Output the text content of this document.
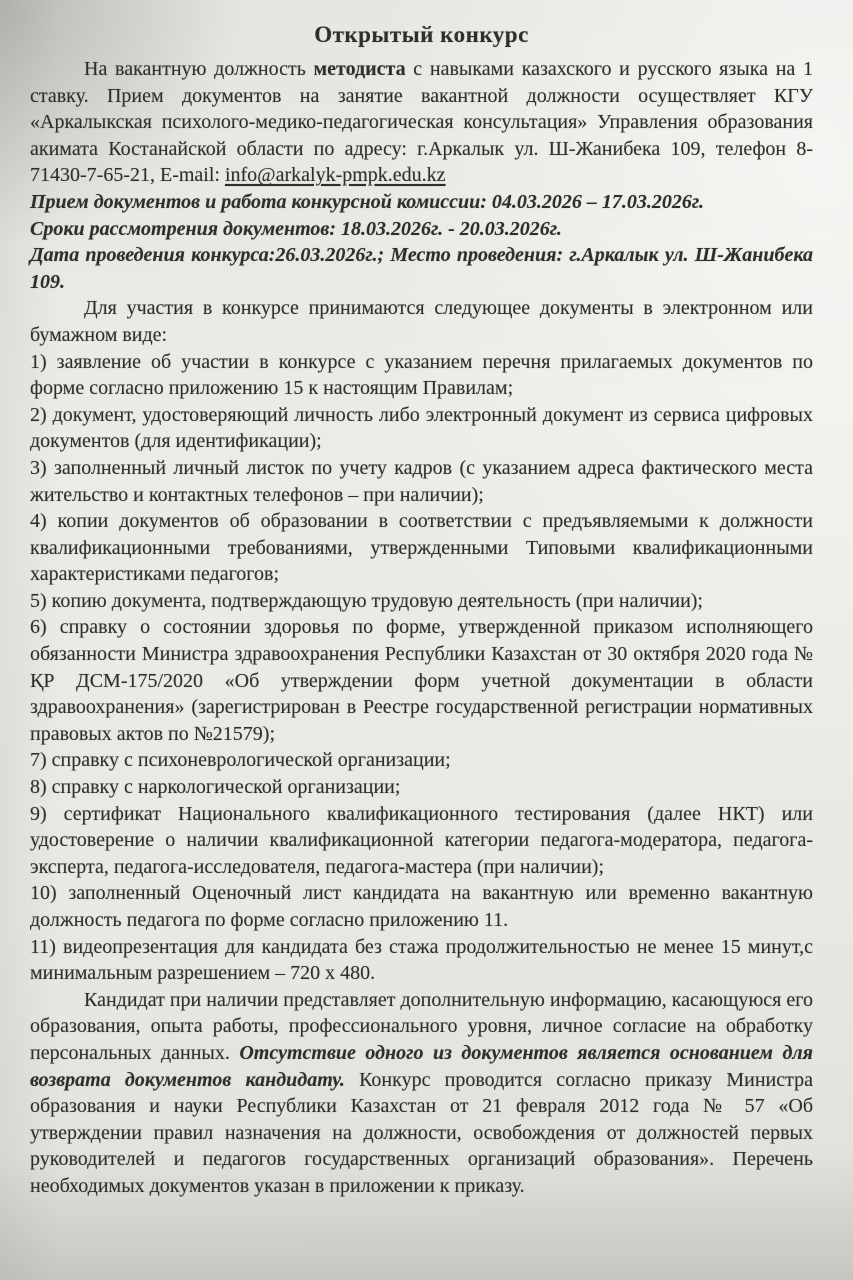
Открытый конкурс

На вакантную должность методиста с навыками казахского и русского языка на 1 ставку. Прием документов на занятие вакантной должности осуществляет КГУ «Аркалыкская психолого-медико-педагогическая консультация» Управления образования акимата Костанайской области по адресу: г.Аркалык ул. Ш-Жанибека 109, телефон 8-71430-7-65-21, E-mail: info@arkalyk-pmpk.edu.kz

Прием документов и работа конкурсной комиссии: 04.03.2026 – 17.03.2026г.

Сроки рассмотрения документов: 18.03.2026г. - 20.03.2026г.

Дата проведения конкурса:26.03.2026г.; Место проведения: г.Аркалык ул. Ш-Жанибека 109.

Для участия в конкурсе принимаются следующее документы в электронном или бумажном виде:

1) заявление об участии в конкурсе с указанием перечня прилагаемых документов по форме согласно приложению 15 к настоящим Правилам;

2) документ, удостоверяющий личность либо электронный документ из сервиса цифровых документов (для идентификации);

3) заполненный личный листок по учету кадров (с указанием адреса фактического места жительство и контактных телефонов – при наличии);

4) копии документов об образовании в соответствии с предъявляемыми к должности квалификационными требованиями, утвержденными Типовыми квалификационными характеристиками педагогов;

5) копию документа, подтверждающую трудовую деятельность (при наличии);

6) справку о состоянии здоровья по форме, утвержденной приказом исполняющего обязанности Министра здравоохранения Республики Казахстан от 30 октября 2020 года № ҚР ДСМ-175/2020 «Об утверждении форм учетной документации в области здравоохранения» (зарегистрирован в Реестре государственной регистрации нормативных правовых актов по №21579);

7) справку с психоневрологической организации;

8) справку с наркологической организации;

9) сертификат Национального квалификационного тестирования (далее НКТ) или удостоверение о наличии квалификационной категории педагога-модератора, педагога-эксперта, педагога-исследователя, педагога-мастера (при наличии);

10) заполненный Оценочный лист кандидата на вакантную или временно вакантную должность педагога по форме согласно приложению 11.

11) видеопрезентация для кандидата без стажа продолжительностью не менее 15 минут,с минимальным разрешением – 720 х 480.

Кандидат при наличии представляет дополнительную информацию, касающуюся его образования, опыта работы, профессионального уровня, личное согласие на обработку персональных данных. Отсутствие одного из документов является основанием для возврата документов кандидату. Конкурс проводится согласно приказу Министра образования и науки Республики Казахстан от 21 февраля 2012 года № 57 «Об утверждении правил назначения на должности, освобождения от должностей первых руководителей и педагогов государственных организаций образования». Перечень необходимых документов указан в приложении к приказу.
